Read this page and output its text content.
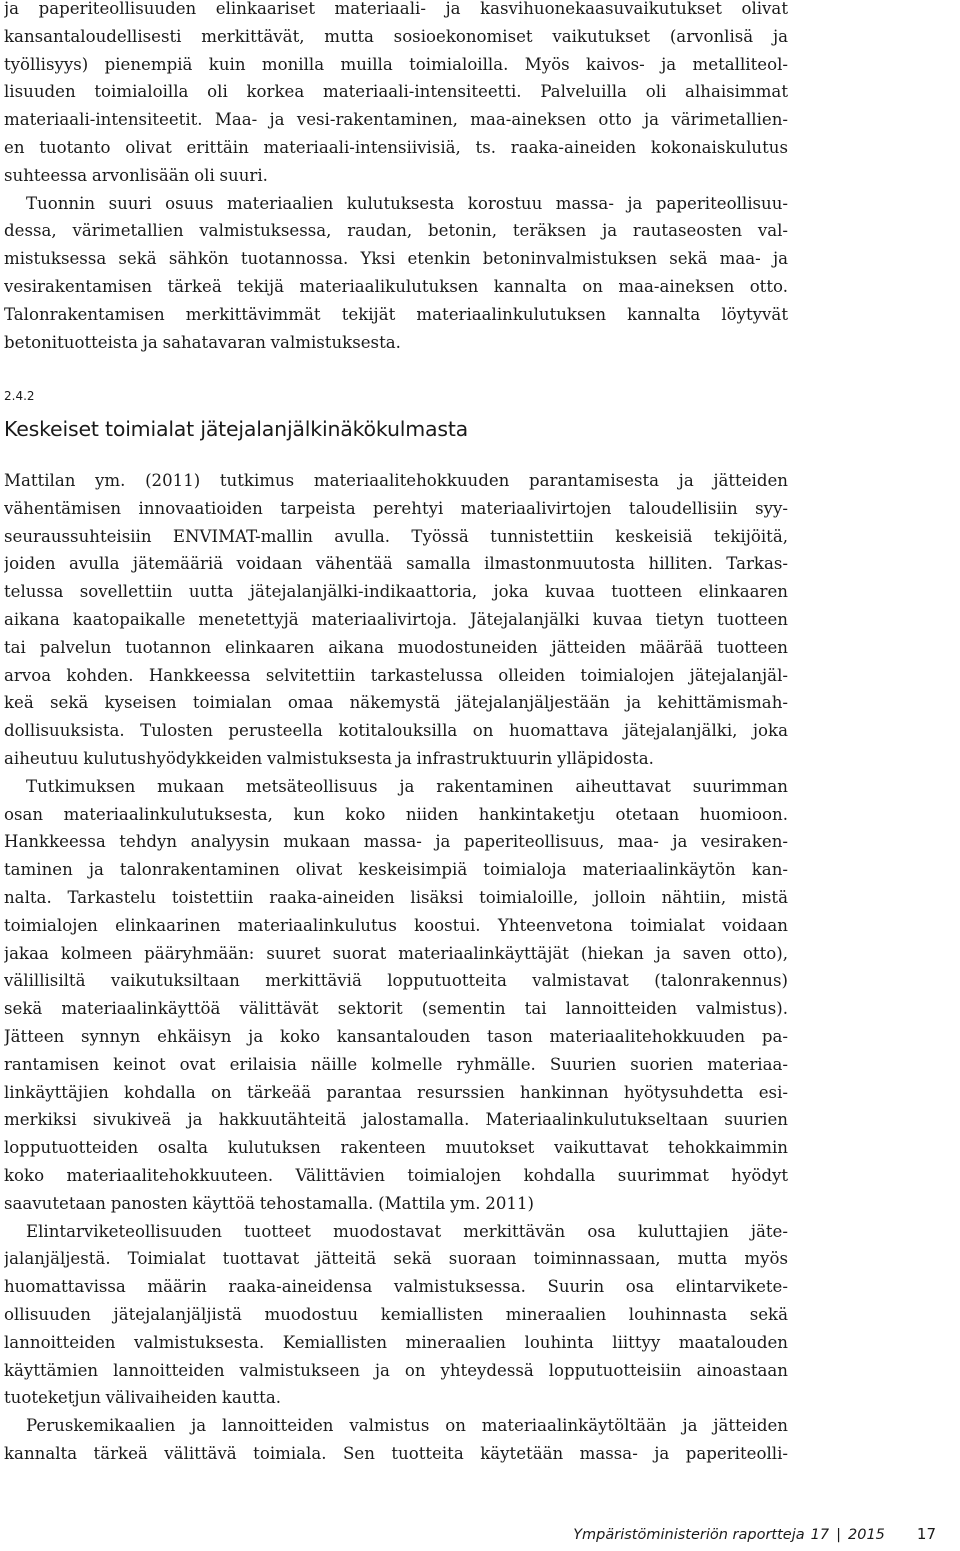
ja paperiteollisuuden elinkaariset materiaali- ja kasvihuonekaasuvaikutukset olivat
kansantaloudellisesti merkittävät, mutta sosioekonomiset vaikutukset (arvonlisä ja
työllisyys) pienempiä kuin monilla muilla toimialoilla. Myös kaivos- ja metalliteol-
lisuuden toimialoilla oli korkea materiaali-intensiteetti. Palveluilla oli alhaisimmat
materiaali-intensiteetit. Maa- ja vesi-rakentaminen, maa-aineksen otto ja värimetallien-
en tuotanto olivat erittäin materiaali-intensiivisiä, ts. raaka-aineiden kokonaiskulutus
suhteessa arvonlisään oli suuri.
Tuonnin suuri osuus materiaalien kulutuksesta korostuu massa- ja paperiteollisuu-
dessa, värimetallien valmistuksessa, raudan, betonin, teräksen ja rautaseosten val-
mistuksessa sekä sähkön tuotannossa. Yksi etenkin betoninvalmistuksen sekä maa- ja
vesirakentamisen tärkeä tekijä materiaalikulutuksen kannalta on maa-aineksen otto.
Talonrakentamisen merkittävimmät tekijät materiaalinkulutuksen kannalta löytyvät
betonituotteista ja sahatavaran valmistuksesta.
2.4.2
Keskeiset toimialat jätejalanjälkinäkökulmasta
Mattilan ym. (2011) tutkimus materiaalitehokkuuden parantamisesta ja jätteiden
vähentämisen innovaatioiden tarpeista perehtyi materiaalivirtojen taloudellisiin syy-
seuraussuhteisiin ENVIMAT-mallin avulla. Työssä tunnistettiin keskeisiä tekijöitä,
joiden avulla jätemääriä voidaan vähentää samalla ilmastonmuutosta hilliten. Tarkas-
telussa sovellettiin uutta jätejalanjälki-indikaattoria, joka kuvaa tuotteen elinkaaren
aikana kaatopaikalle menetettyjä materiaalivirtoja. Jätejalanjälki kuvaa tietyn tuotteen
tai palvelun tuotannon elinkaaren aikana muodostuneiden jätteiden määrää tuotteen
arvoa kohden. Hankkeessa selvitettiin tarkastelussa olleiden toimialojen jätejalanjäl-
keä sekä kyseisen toimialan omaa näkemystä jätejalanjäljestään ja kehittämismah-
dollisuuksista. Tulosten perusteella kotitalouksilla on huomattava jätejalanjälki, joka
aiheutuu kulutushyödykkeiden valmistuksesta ja infrastruktuurin ylläpidosta.
Tutkimuksen mukaan metsäteollisuus ja rakentaminen aiheuttavat suurimman
osan materiaalinkulutuksesta, kun koko niiden hankintaketju otetaan huomioon.
Hankkeessa tehdyn analyysin mukaan massa- ja paperiteollisuus, maa- ja vesiraken-
taminen ja talonrakentaminen olivat keskeisimpiä toimialoja materiaalinkäytön kan-
nalta. Tarkastelu toistettiin raaka-aineiden lisäksi toimialoille, jolloin nähtiin, mistä
toimialojen elinkaarinen materiaalinkulutus koostui. Yhteenvetona toimialat voidaan
jakaa kolmeen pääryhmään: suuret suorat materiaalinkäyttäjät (hiekan ja saven otto),
välillisiltä vaikutuksiltaan merkittäviä lopputuotteita valmistavat (talonrakennus)
sekä materiaalinkäyttöä välittävät sektorit (sementin tai lannoitteiden valmistus).
Jätteen synnyn ehkäisyn ja koko kansantalouden tason materiaalitehokkuuden pa-
rantamisen keinot ovat erilaisia näille kolmelle ryhmälle. Suurien suorien materiaa-
linkäyttäjien kohdalla on tärkeää parantaa resurssien hankinnan hyötysuhdetta esi-
merkiksi sivukiveä ja hakkuutähteitä jalostamalla. Materiaalinkulutukseltaan suurien
lopputuotteiden osalta kulutuksen rakenteen muutokset vaikuttavat tehokkaimmin
koko materiaalitehokkuuteen. Välittävien toimialojen kohdalla suurimmat hyödyt
saavutetaan panosten käyttöä tehostamalla. (Mattila ym. 2011)
Elintarviketeollisuuden tuotteet muodostavat merkittävän osa kuluttajien jäte-
jalanjäljestä. Toimialat tuottavat jätteitä sekä suoraan toiminnassaan, mutta myös
huomattavissa määrin raaka-aineidensa valmistuksessa. Suurin osa elintarvikete-
ollisuuden jätejalanjäljistä muodostuu kemiallisten mineraalien louhinnasta sekä
lannoitteiden valmistuksesta. Kemiallisten mineraalien louhinta liittyy maatalouden
käyttämien lannoitteiden valmistukseen ja on yhteydessä lopputuotteisiin ainoastaan
tuoteketjun välivaiheiden kautta.
Peruskemikaalien ja lannoitteiden valmistus on materiaalinkäytöltään ja jätteiden
kannalta tärkeä välittävä toimiala. Sen tuotteita käytetään massa- ja paperiteolli-
Ympäristöministeriön raportteja 17 | 2015 17
